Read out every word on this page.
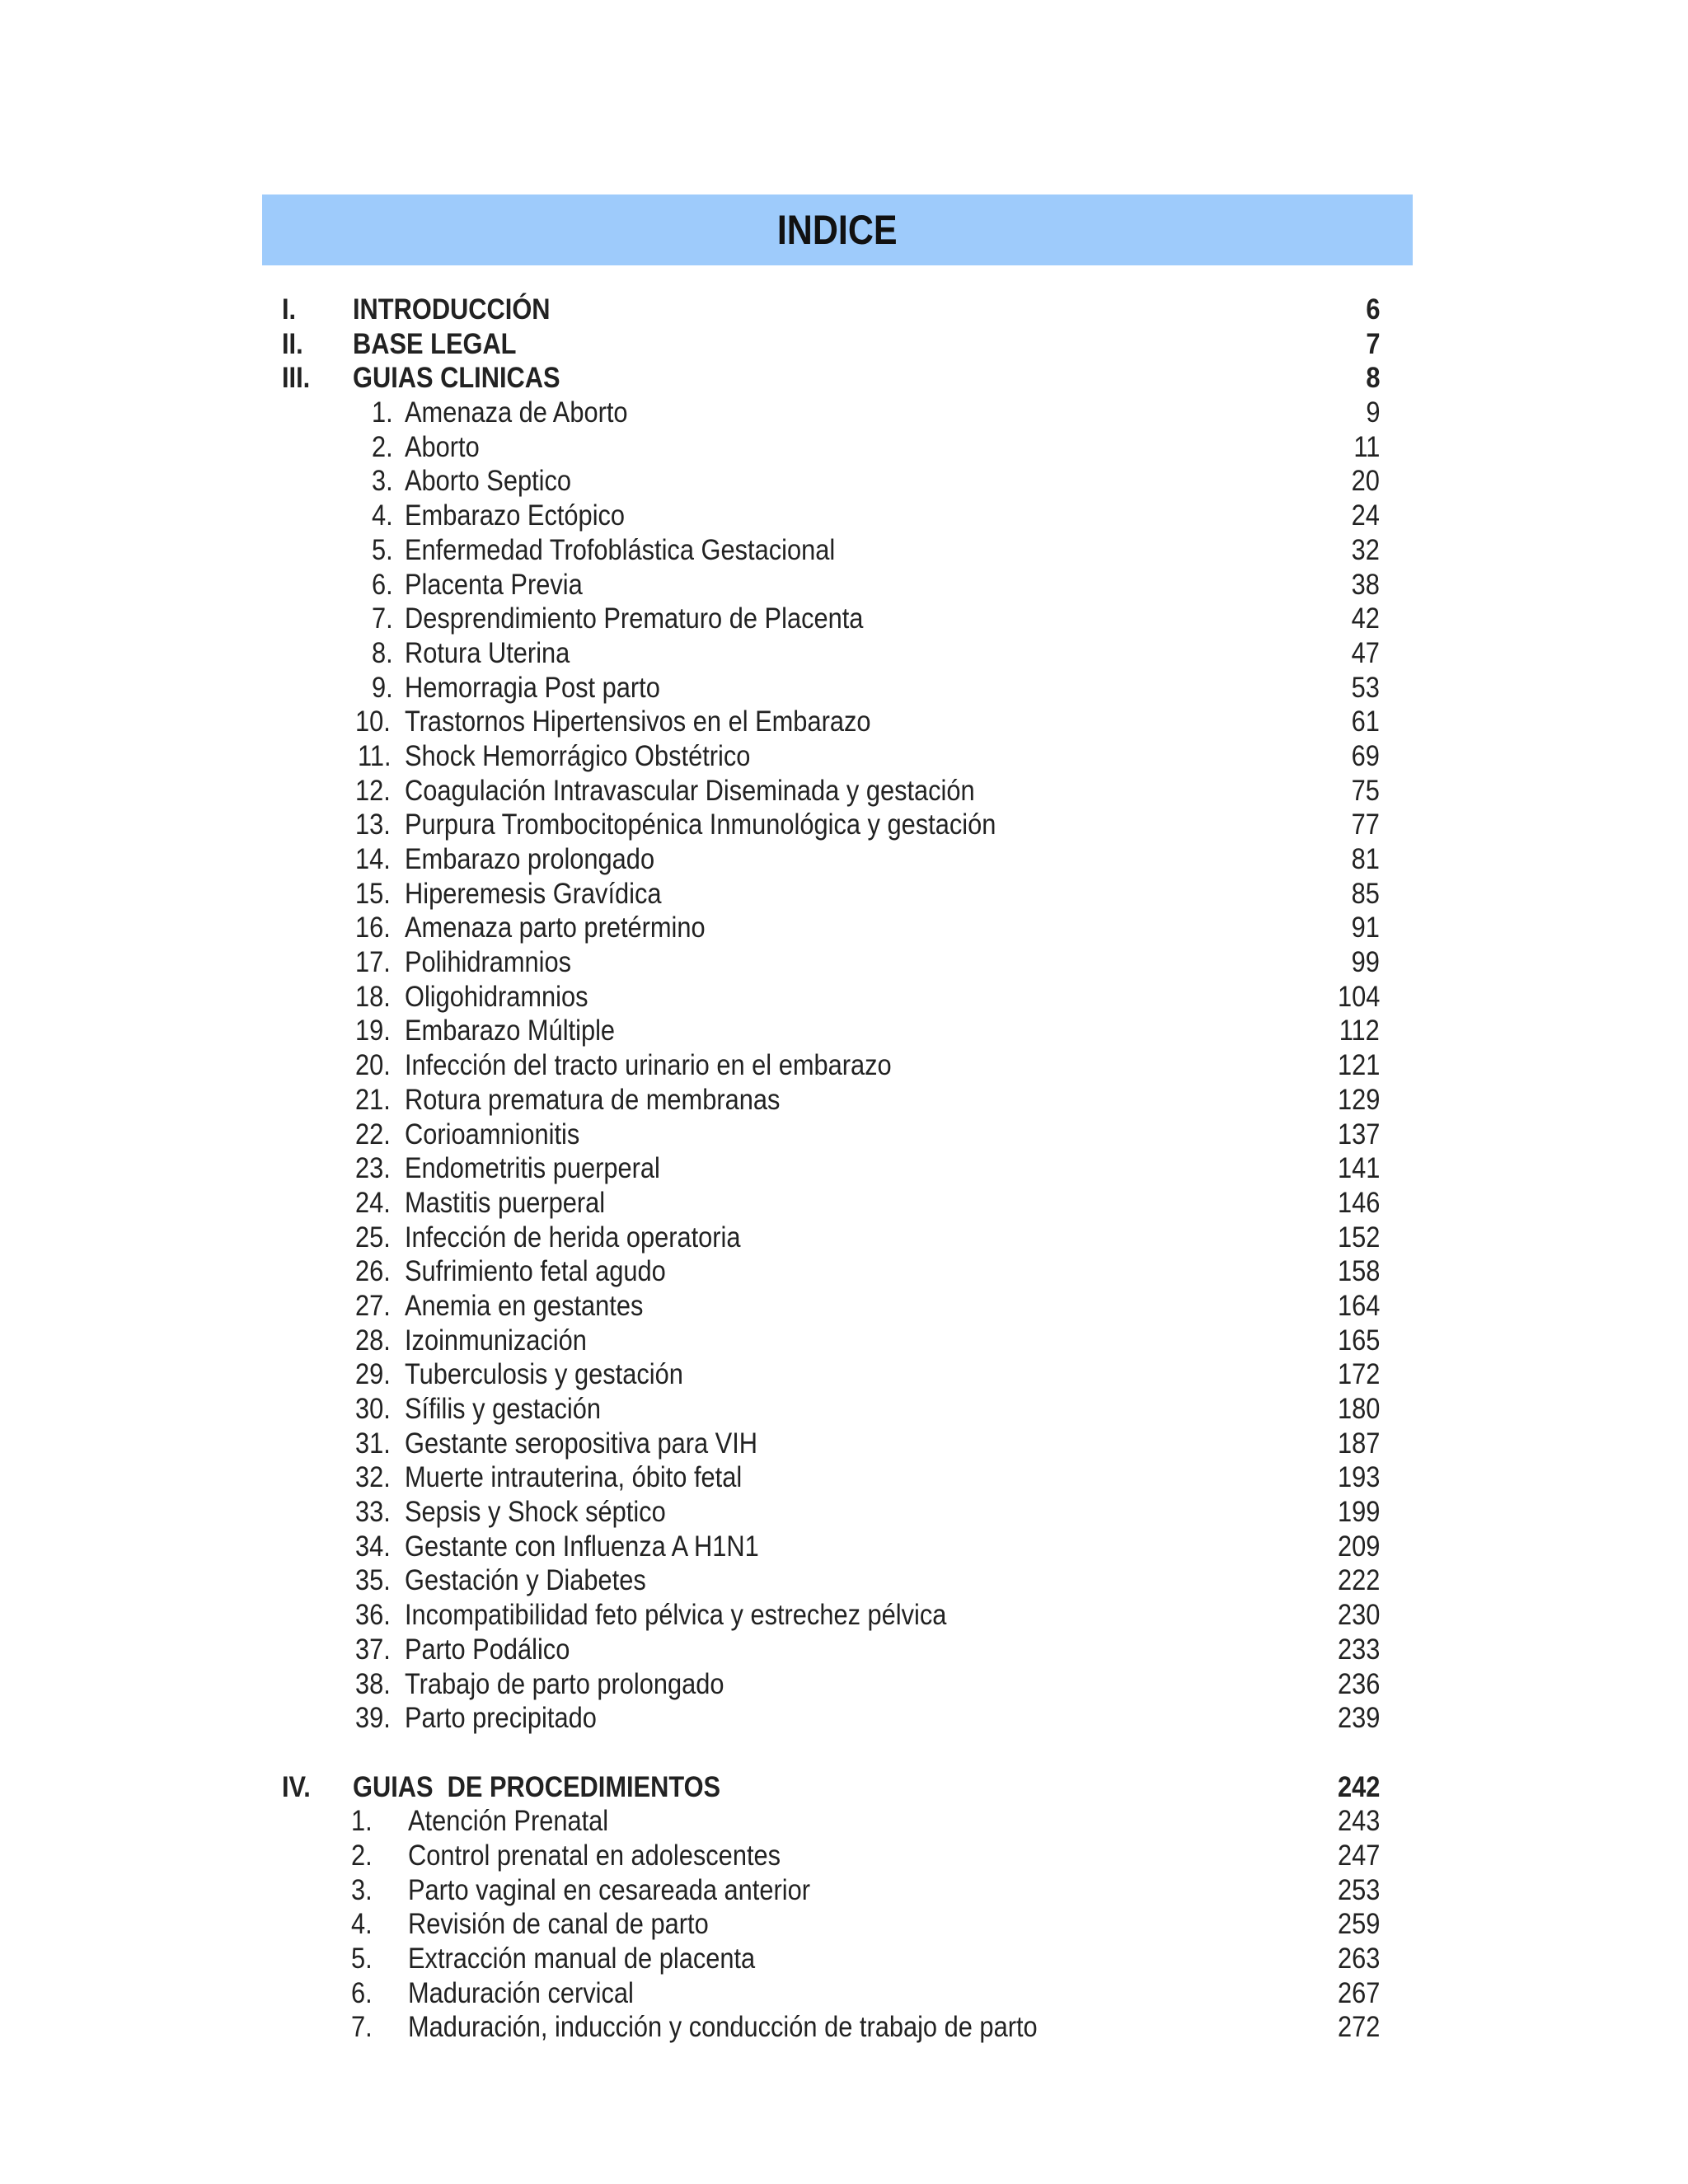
INDICE
I. INTRODUCCIÓN	6
II. BASE LEGAL	7
III. GUIAS CLINICAS	8
1. Amenaza de Aborto	9
2. Aborto	11
3. Aborto Septico	20
4. Embarazo Ectópico	24
5. Enfermedad Trofoblástica Gestacional	32
6. Placenta Previa	38
7. Desprendimiento Prematuro de Placenta	42
8. Rotura Uterina	47
9. Hemorragia Post parto	53
10. Trastornos Hipertensivos en el Embarazo	61
11. Shock Hemorrágico Obstétrico	69
12. Coagulación Intravascular Diseminada y gestación	75
13. Purpura Trombocitopénica Inmunológica y gestación	77
14. Embarazo prolongado	81
15. Hiperemesis Gravídica	85
16. Amenaza parto pretérmino	91
17. Polihidramnios	99
18. Oligohidramnios	104
19. Embarazo Múltiple	112
20. Infección del tracto urinario en el embarazo	121
21. Rotura prematura de membranas	129
22. Corioamnionitis	137
23. Endometritis puerperal	141
24. Mastitis puerperal	146
25. Infección de herida operatoria	152
26. Sufrimiento fetal agudo	158
27. Anemia en gestantes	164
28. Izoinmunización	165
29. Tuberculosis y gestación	172
30. Sífilis y gestación	180
31. Gestante seropositiva para VIH	187
32. Muerte intrauterina, óbito fetal	193
33. Sepsis y Shock séptico	199
34. Gestante con Influenza A H1N1	209
35. Gestación y Diabetes	222
36. Incompatibilidad feto pélvica y estrechez pélvica	230
37. Parto Podálico	233
38. Trabajo de parto prolongado	236
39. Parto precipitado	239
IV. GUIAS  DE PROCEDIMIENTOS	242
1.	Atención Prenatal	243
2.	Control prenatal en adolescentes	247
3.	Parto vaginal en cesareada anterior	253
4.	Revisión de canal de parto	259
5.	Extracción manual de placenta	263
6.	Maduración cervical	267
7.	Maduración, inducción y conducción de trabajo de parto	272
